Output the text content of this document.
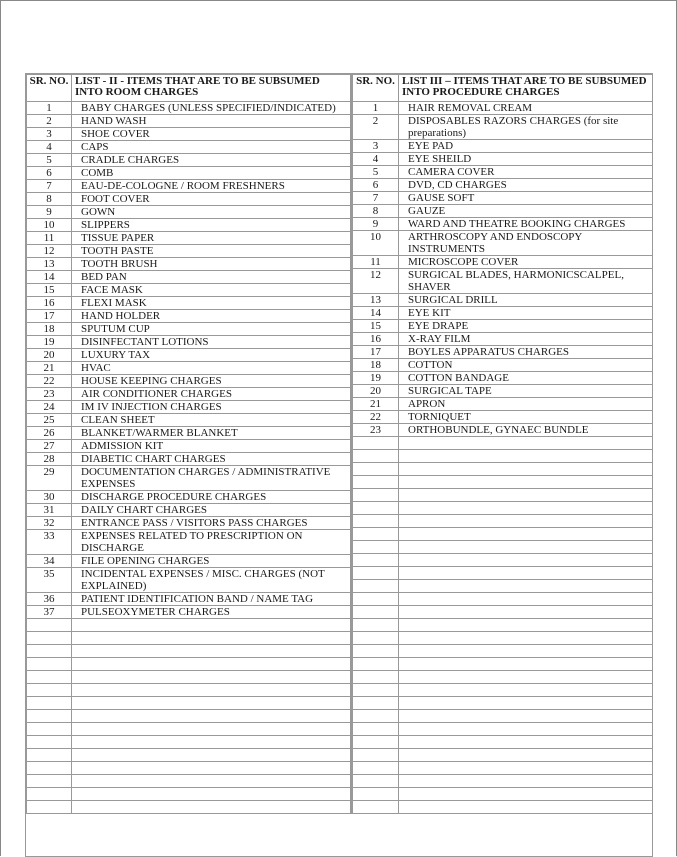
SR. NO.	LIST - II - ITEMS THAT ARE TO BE SUBSUMED INTO ROOM CHARGES
1	BABY CHARGES (UNLESS SPECIFIED/INDICATED)
2	HAND WASH
3	SHOE COVER
4	CAPS
5	CRADLE CHARGES
6	COMB
7	EAU-DE-COLOGNE / ROOM FRESHNERS
8	FOOT COVER
9	GOWN
10	SLIPPERS
11	TISSUE PAPER
12	TOOTH PASTE
13	TOOTH BRUSH
14	BED PAN
15	FACE MASK
16	FLEXI MASK
17	HAND HOLDER
18	SPUTUM CUP
19	DISINFECTANT LOTIONS
20	LUXURY TAX
21	HVAC
22	HOUSE KEEPING CHARGES
23	AIR CONDITIONER CHARGES
24	IM IV INJECTION CHARGES
25	CLEAN SHEET
26	BLANKET/WARMER BLANKET
27	ADMISSION KIT
28	DIABETIC CHART CHARGES
29	DOCUMENTATION CHARGES / ADMINISTRATIVE EXPENSES
30	DISCHARGE PROCEDURE CHARGES
31	DAILY CHART CHARGES
32	ENTRANCE PASS / VISITORS PASS CHARGES
33	EXPENSES RELATED TO PRESCRIPTION ON DISCHARGE
34	FILE OPENING CHARGES
35	INCIDENTAL EXPENSES / MISC. CHARGES (NOT EXPLAINED)
36	PATIENT IDENTIFICATION BAND / NAME TAG
37	PULSEOXYMETER CHARGES

SR. NO.	LIST III – ITEMS THAT ARE TO BE SUBSUMED INTO PROCEDURE CHARGES
1	HAIR REMOVAL CREAM
2	DISPOSABLES RAZORS CHARGES (for site preparations)
3	EYE PAD
4	EYE SHEILD
5	CAMERA COVER
6	DVD, CD CHARGES
7	GAUSE SOFT
8	GAUZE
9	WARD AND THEATRE BOOKING CHARGES
10	ARTHROSCOPY AND ENDOSCOPY INSTRUMENTS
11	MICROSCOPE COVER
12	SURGICAL BLADES, HARMONICSCALPEL, SHAVER
13	SURGICAL DRILL
14	EYE KIT
15	EYE DRAPE
16	X-RAY FILM
17	BOYLES APPARATUS CHARGES
18	COTTON
19	COTTON BANDAGE
20	SURGICAL TAPE
21	APRON
22	TORNIQUET
23	ORTHOBUNDLE, GYNAEC BUNDLE
